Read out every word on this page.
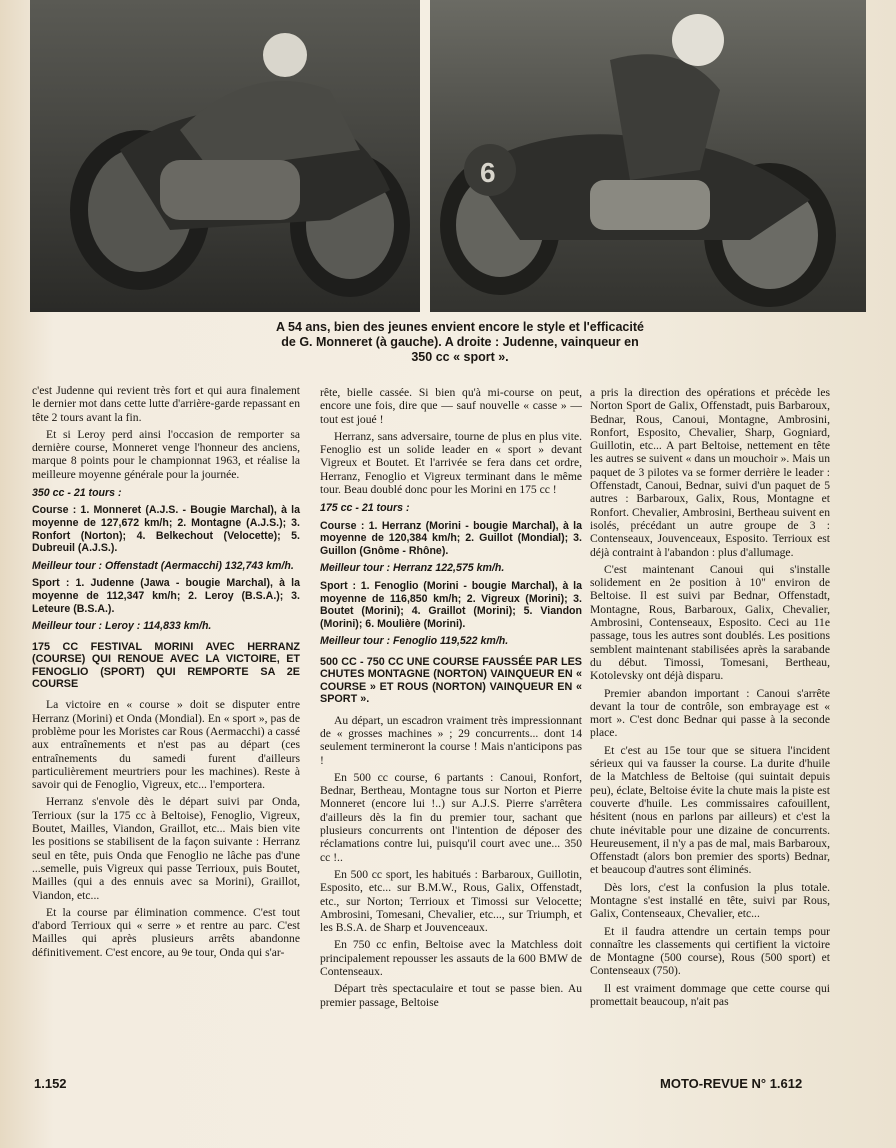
6
A 54 ans, bien des jeunes envient encore le style et l'efficacité
de G. Monneret (à gauche). A droite : Judenne, vainqueur en
350 cc « sport ».

c'est Judenne qui revient très fort et qui aura finalement le dernier mot dans cette lutte d'arrière-garde repassant en tête 2 tours avant la fin.

Et si Leroy perd ainsi l'occasion de remporter sa dernière course, Monneret venge l'honneur des anciens, marque 8 points pour le championnat 1963, et réalise la meilleure moyenne générale pour la journée.

350 cc - 21 tours :
Course : 1. Monneret (A.J.S. - Bougie Marchal), à la moyenne de 127,672 km/h; 2. Montagne (A.J.S.); 3. Ronfort (Norton); 4. Belkechout (Velocette); 5. Dubreuil (A.J.S.).
Meilleur tour : Offenstadt (Aermacchi) 132,743 km/h.
Sport : 1. Judenne (Jawa - bougie Marchal), à la moyenne de 112,347 km/h; 2. Leroy (B.S.A.); 3. Leteure (B.S.A.).
Meilleur tour : Leroy : 114,833 km/h.
175 CC FESTIVAL MORINI AVEC HERRANZ (COURSE) QUI RENOUE AVEC LA VICTOIRE, ET FENOGLIO (SPORT) QUI REMPORTE SA 2E COURSE

La victoire en « course » doit se disputer entre Herranz (Morini) et Onda (Mondial). En « sport », pas de problème pour les Moristes car Rous (Aermacchi) a cassé aux entraînements et n'est pas au départ (ces entraînements du samedi furent d'ailleurs particulièrement meurtriers pour les machines). Reste à savoir qui de Fenoglio, Vigreux, etc... l'emportera.

Herranz s'envole dès le départ suivi par Onda, Terrioux (sur la 175 cc à Beltoise), Fenoglio, Vigreux, Boutet, Mailles, Viandon, Graillot, etc... Mais bien vite les positions se stabilisent de la façon suivante : Herranz seul en tête, puis Onda que Fenoglio ne lâche pas d'une ...semelle, puis Vigreux qui passe Terrioux, puis Boutet, Mailles (qui a des ennuis avec sa Morini), Graillot, Viandon, etc...

Et la course par élimination commence. C'est tout d'abord Terrioux qui « serre » et rentre au parc. C'est Mailles qui après plusieurs arrêts abandonne définitivement. C'est encore, au 9e tour, Onda qui s'ar-

rête, bielle cassée. Si bien qu'à mi-course on peut, encore une fois, dire que — sauf nouvelle « casse » — tout est joué !

Herranz, sans adversaire, tourne de plus en plus vite. Fenoglio est un solide leader en « sport » devant Vigreux et Boutet. Et l'arrivée se fera dans cet ordre, Herranz, Fenoglio et Vigreux terminant dans le même tour. Beau doublé donc pour les Morini en 175 cc !

175 cc - 21 tours :
Course : 1. Herranz (Morini - bougie Marchal), à la moyenne de 120,384 km/h; 2. Guillot (Mondial); 3. Guillon (Gnôme - Rhône).
Meilleur tour : Herranz 122,575 km/h.
Sport : 1. Fenoglio (Morini - bougie Marchal), à la moyenne de 116,850 km/h; 2. Vigreux (Morini); 3. Boutet (Morini); 4. Graillot (Morini); 5. Viandon (Morini); 6. Moulière (Morini).
Meilleur tour : Fenoglio 119,522 km/h.
500 CC - 750 CC UNE COURSE FAUSSÉE PAR LES CHUTES MONTAGNE (NORTON) VAINQUEUR EN « COURSE » ET ROUS (NORTON) VAINQUEUR EN « SPORT ».

Au départ, un escadron vraiment très impressionnant de « grosses machines » ; 29 concurrents... dont 14 seulement termineront la course ! Mais n'anticipons pas !

En 500 cc course, 6 partants : Canoui, Ronfort, Bednar, Bertheau, Montagne tous sur Norton et Pierre Monneret (encore lui !..) sur A.J.S. Pierre s'arrêtera d'ailleurs dès la fin du premier tour, sachant que plusieurs concurrents ont l'intention de déposer des réclamations contre lui, puisqu'il court avec une... 350 cc !..

En 500 cc sport, les habitués : Barbaroux, Guillotin, Esposito, etc... sur B.M.W., Rous, Galix, Offenstadt, etc., sur Norton; Terrioux et Timossi sur Velocette; Ambrosini, Tomesani, Chevalier, etc..., sur Triumph, et les B.S.A. de Sharp et Jouvenceaux.

En 750 cc enfin, Beltoise avec la Matchless doit principalement repousser les assauts de la 600 BMW de Contenseaux.

Départ très spectaculaire et tout se passe bien. Au premier passage, Beltoise

a pris la direction des opérations et précède les Norton Sport de Galix, Offenstadt, puis Barbaroux, Bednar, Rous, Canoui, Montagne, Ambrosini, Ronfort, Esposito, Chevalier, Sharp, Gogniard, Guillotin, etc... A part Beltoise, nettement en tête les autres se suivent « dans un mouchoir ». Mais un paquet de 3 pilotes va se former derrière le leader : Offenstadt, Canoui, Bednar, suivi d'un paquet de 5 autres : Barbaroux, Galix, Rous, Montagne et Ronfort. Chevalier, Ambrosini, Bertheau suivent en isolés, précédant un autre groupe de 3 : Contenseaux, Jouvenceaux, Esposito. Terrioux est déjà contraint à l'abandon : plus d'allumage.

C'est maintenant Canoui qui s'installe solidement en 2e position à 10" environ de Beltoise. Il est suivi par Bednar, Offenstadt, Montagne, Rous, Barbaroux, Galix, Chevalier, Ambrosini, Contenseaux, Esposito. Ceci au 11e passage, tous les autres sont doublés. Les positions semblent maintenant stabilisées après la sarabande du début. Timossi, Tomesani, Bertheau, Kotolevsky ont déjà disparu.

Premier abandon important : Canoui s'arrête devant la tour de contrôle, son embrayage est « mort ». C'est donc Bednar qui passe à la seconde place.

Et c'est au 15e tour que se situera l'incident sérieux qui va fausser la course. La durite d'huile de la Matchless de Beltoise (qui suintait depuis peu), éclate, Beltoise évite la chute mais la piste est couverte d'huile. Les commissaires cafouillent, hésitent (nous en parlons par ailleurs) et c'est la chute inévitable pour une dizaine de concurrents. Heureusement, il n'y a pas de mal, mais Barbaroux, Offenstadt (alors bon premier des sports) Bednar, et beaucoup d'autres sont éliminés.

Dès lors, c'est la confusion la plus totale. Montagne s'est installé en tête, suivi par Rous, Galix, Contenseaux, Chevalier, etc...

Et il faudra attendre un certain temps pour connaître les classements qui certifient la victoire de Montagne (500 course), Rous (500 sport) et Contenseaux (750).

Il est vraiment dommage que cette course qui promettait beaucoup, n'ait pas

1.152	MOTO-REVUE N° 1.612
